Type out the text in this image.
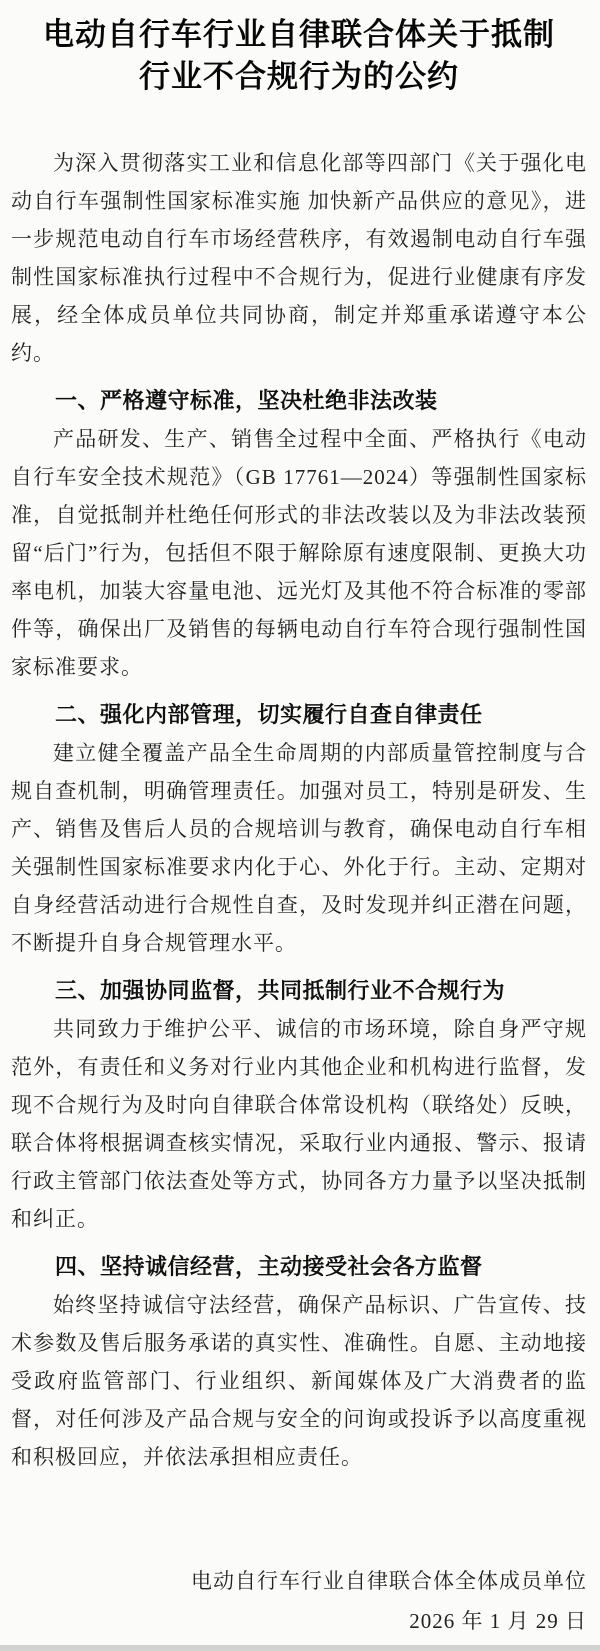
电动自行车行业自律联合体关于抵制
行业不合规行为的公约

为深入贯彻落实工业和信息化部等四部门《关于强化电动自行车强制性国家标准实施 加快新产品供应的意见》，进一步规范电动自行车市场经营秩序，有效遏制电动自行车强制性国家标准执行过程中不合规行为，促进行业健康有序发展，经全体成员单位共同协商，制定并郑重承诺遵守本公约。

一、严格遵守标准，坚决杜绝非法改装

产品研发、生产、销售全过程中全面、严格执行《电动自行车安全技术规范》（GB 17761—2024）等强制性国家标准，自觉抵制并杜绝任何形式的非法改装以及为非法改装预留“后门”行为，包括但不限于解除原有速度限制、更换大功率电机，加装大容量电池、远光灯及其他不符合标准的零部件等，确保出厂及销售的每辆电动自行车符合现行强制性国家标准要求。

二、强化内部管理，切实履行自查自律责任

建立健全覆盖产品全生命周期的内部质量管控制度与合规自查机制，明确管理责任。加强对员工，特别是研发、生产、销售及售后人员的合规培训与教育，确保电动自行车相关强制性国家标准要求内化于心、外化于行。主动、定期对自身经营活动进行合规性自查，及时发现并纠正潜在问题，不断提升自身合规管理水平。

三、加强协同监督，共同抵制行业不合规行为

共同致力于维护公平、诚信的市场环境，除自身严守规范外，有责任和义务对行业内其他企业和机构进行监督，发现不合规行为及时向自律联合体常设机构（联络处）反映，联合体将根据调查核实情况，采取行业内通报、警示、报请行政主管部门依法查处等方式，协同各方力量予以坚决抵制和纠正。

四、坚持诚信经营，主动接受社会各方监督

始终坚持诚信守法经营，确保产品标识、广告宣传、技术参数及售后服务承诺的真实性、准确性。自愿、主动地接受政府监管部门、行业组织、新闻媒体及广大消费者的监督，对任何涉及产品合规与安全的问询或投诉予以高度重视和积极回应，并依法承担相应责任。

电动自行车行业自律联合体全体成员单位
2026 年 1 月 29 日
